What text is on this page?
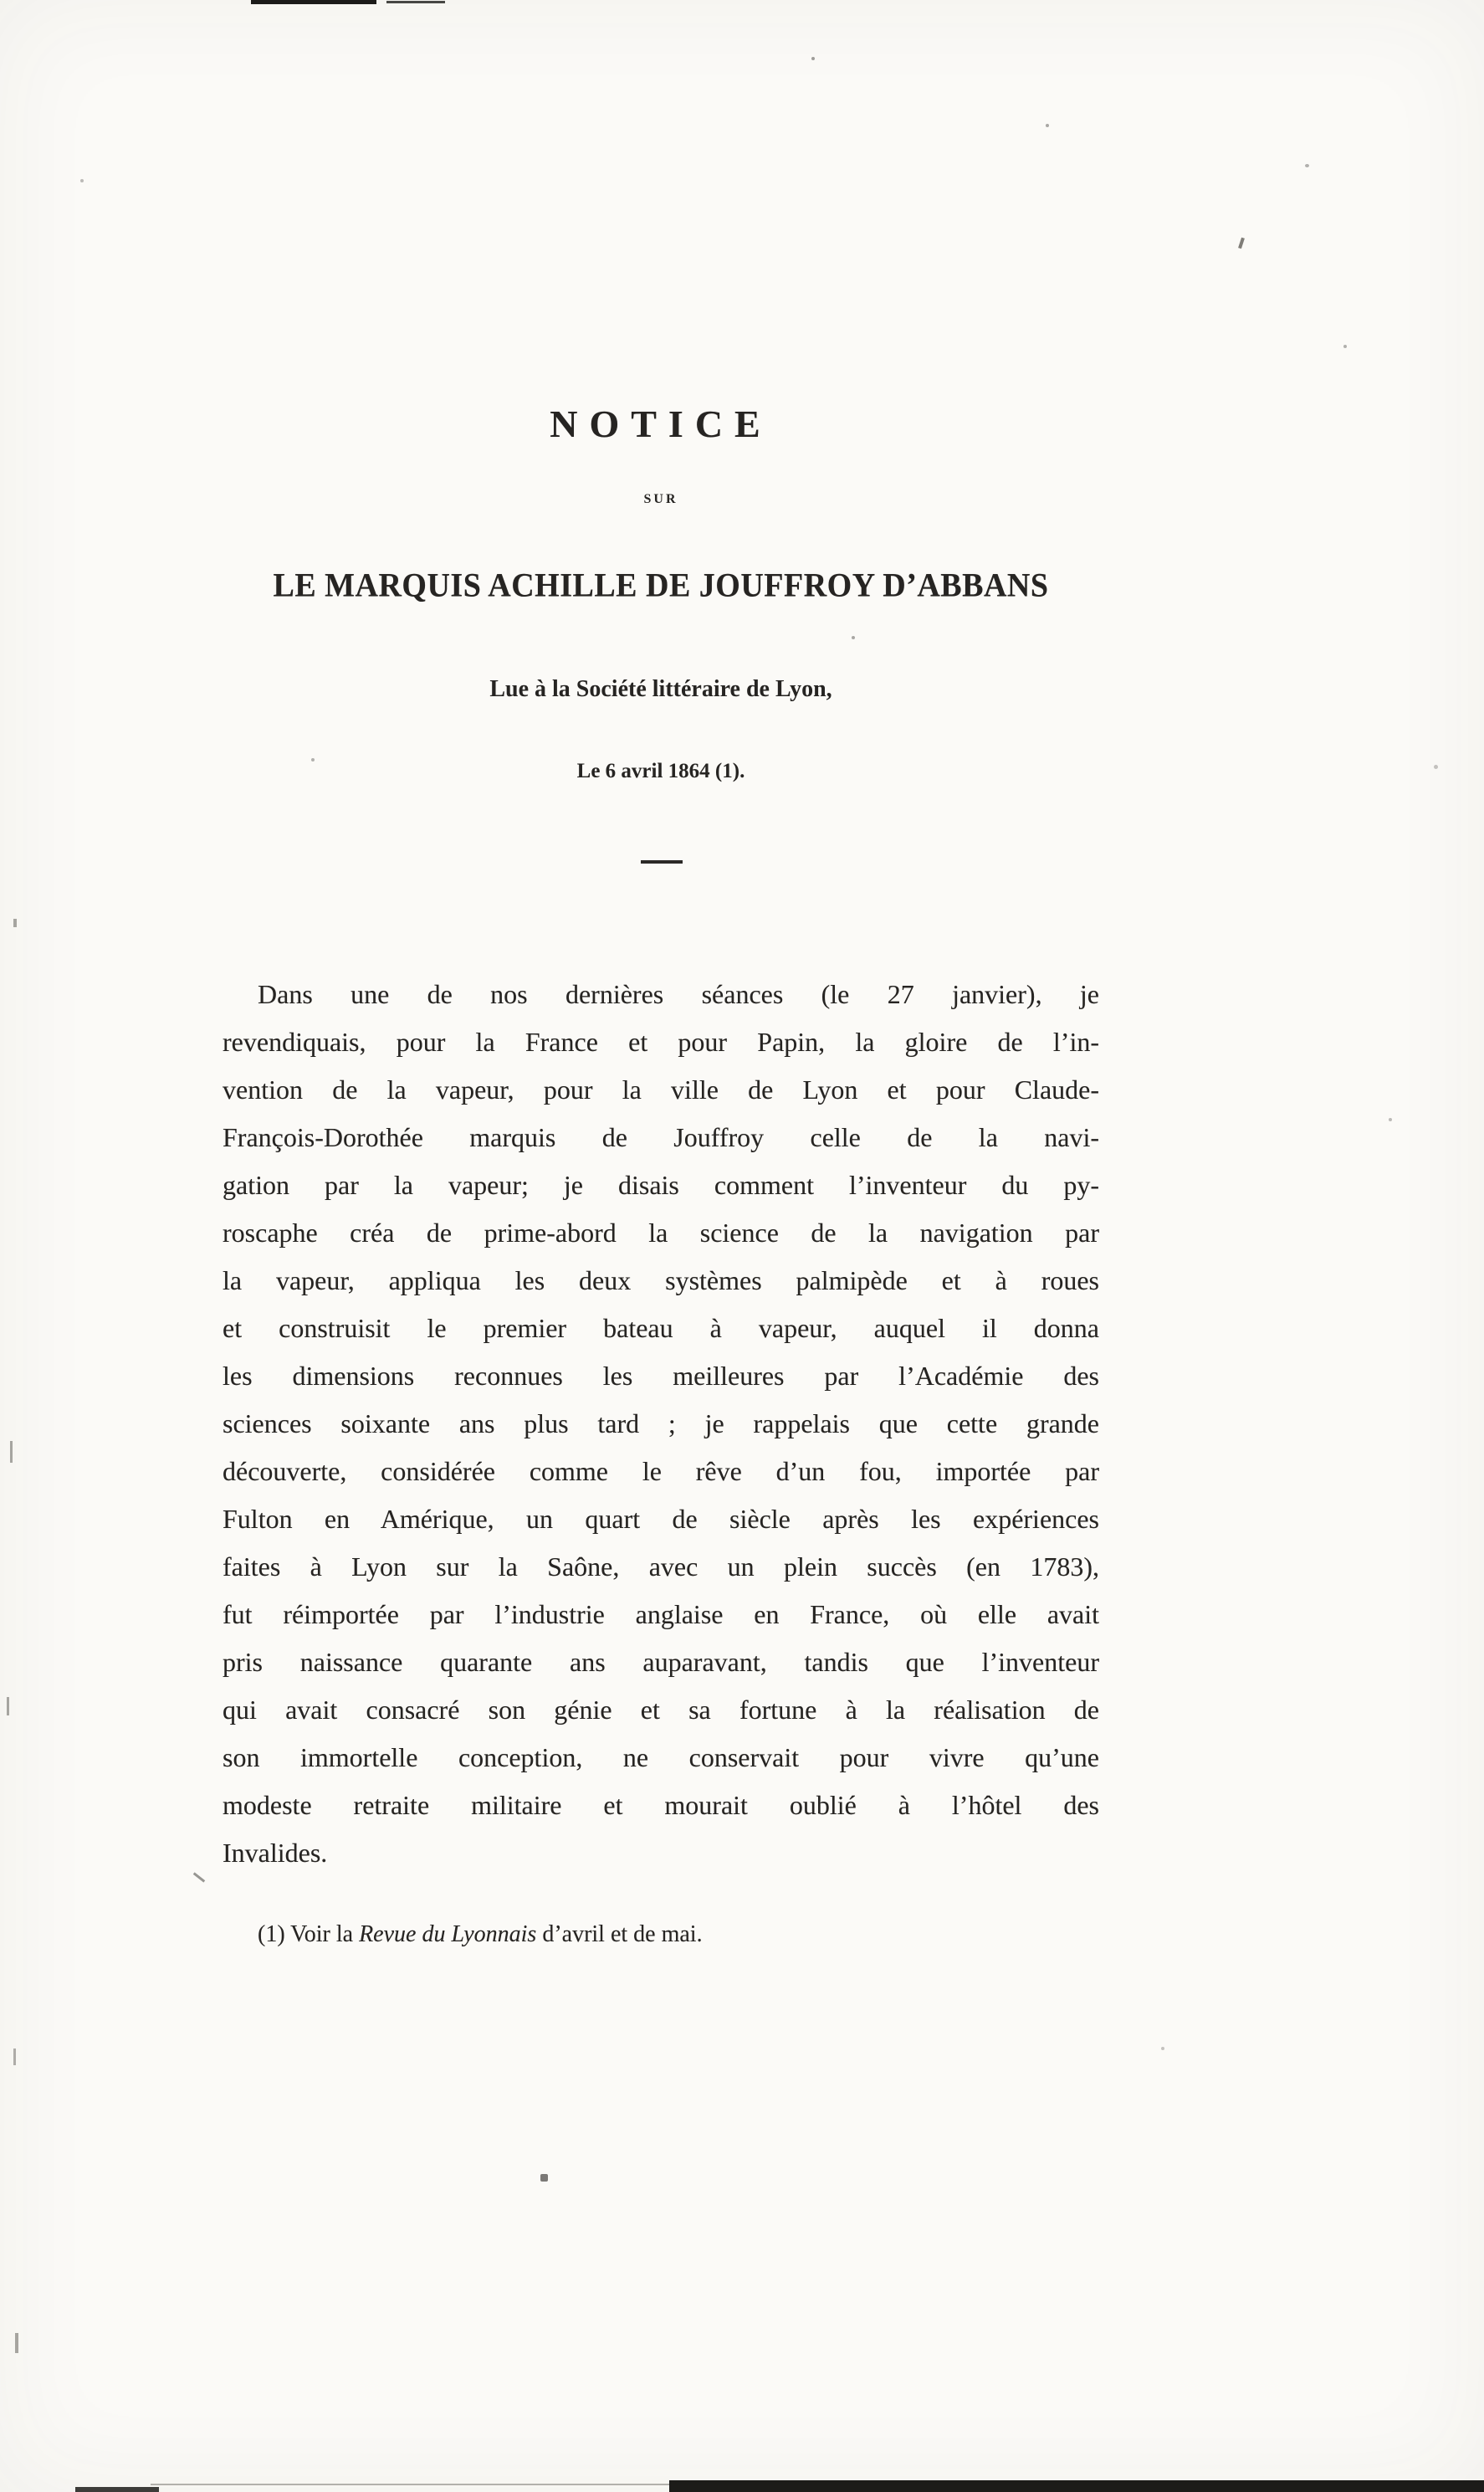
NOTICE
SUR
LE MARQUIS ACHILLE DE JOUFFROY D’ABBANS
Lue à la Société littéraire de Lyon,
Le 6 avril 1864 (1).
Dans une de nos dernières séances (le 27 janvier), je
revendiquais, pour la France et pour Papin, la gloire de l’in-
vention de la vapeur, pour la ville de Lyon et pour Claude-
François-Dorothée marquis de Jouffroy celle de la navi-
gation par la vapeur; je disais comment l’inventeur du py-
roscaphe créa de prime-abord la science de la navigation par
la vapeur, appliqua les deux systèmes palmipède et à roues
et construisit le premier bateau à vapeur, auquel il donna
les dimensions reconnues les meilleures par l’Académie des
sciences soixante ans plus tard ; je rappelais que cette grande
découverte, considérée comme le rêve d’un fou, importée par
Fulton en Amérique, un quart de siècle après les expériences
faites à Lyon sur la Saône, avec un plein succès (en 1783),
fut réimportée par l’industrie anglaise en France, où elle avait
pris naissance quarante ans auparavant, tandis que l’inventeur
qui avait consacré son génie et sa fortune à la réalisation de
son immortelle conception, ne conservait pour vivre qu’une
modeste retraite militaire et mourait oublié à l’hôtel des
Invalides.
(1) Voir la Revue du Lyonnais d’avril et de mai.
